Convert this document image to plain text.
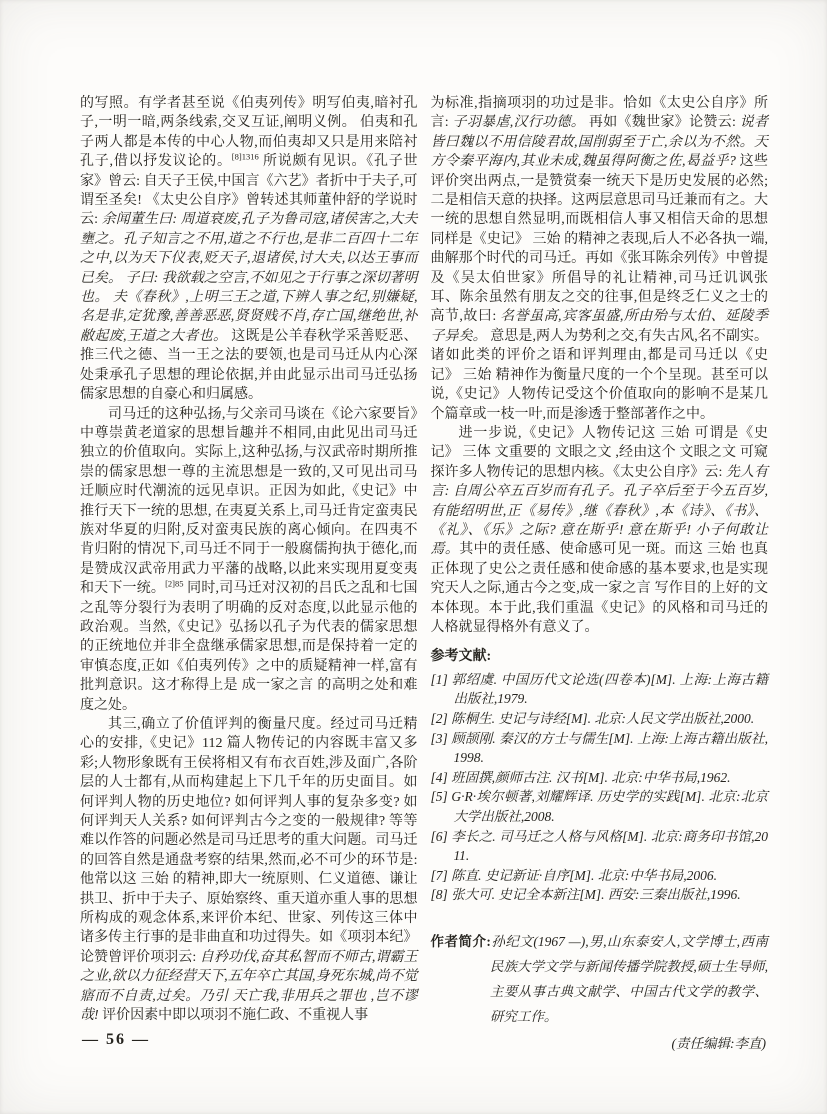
的写照。有学者甚至说《伯夷列传》明写伯夷,暗衬孔子,一明一暗,两条线索,交叉互证,阐明义例。 伯夷和孔子两人都是本传的中心人物,而伯夷却又只是用来陪衬孔子,借以抒发议论的。$^{[8]1316}$ 所说颇有见识。《孔子世家》曾云: 自天子王侯,中国言《六艺》者折中于夫子,可谓至圣矣! 《太史公自序》曾转述其师董仲舒的学说时云: 余闻董生曰: 周道衰废,孔子为鲁司寇,诸侯害之,大夫壅之。孔子知言之不用,道之不行也,是非二百四十二年之中,以为天下仪表,贬天子,退诸侯,讨大夫,以达王事而已矣。 子曰: 我欲载之空言,不如见之于行事之深切著明也。 夫《春秋》,上明三王之道,下辨人事之纪,别嫌疑,名是非,定犹豫,善善恶恶,贤贤贱不肖,存亡国,继绝世,补敝起废,王道之大者也。 这既是公羊春秋学采善贬恶、推三代之德、当一王之法的要领,也是司马迁从内心深处秉承孔子思想的理论依据,并由此显示出司马迁弘扬儒家思想的自豪心和归属感。

司马迁的这种弘扬,与父亲司马谈在《论六家要旨》中尊崇黄老道家的思想旨趣并不相同,由此见出司马迁独立的价值取向。实际上,这种弘扬,与汉武帝时期所推崇的儒家思想一尊的主流思想是一致的,又可见出司马迁顺应时代潮流的远见卓识。正因为如此,《史记》中推行天下一统的思想, 在夷夏关系上,司马迁肯定蛮夷民族对华夏的归附,反对蛮夷民族的离心倾向。在四夷不肯归附的情况下,司马迁不同于一般腐儒拘执于德化,而是赞成汉武帝用武力平藩的战略,以此来实现用夏变夷和天下一统。$^{[2]85}$ 同时,司马迁对汉初的吕氏之乱和七国之乱等分裂行为表明了明确的反对态度,以此显示他的政治观。当然,《史记》弘扬以孔子为代表的儒家思想的正统地位并非全盘继承儒家思想,而是保持着一定的审慎态度,正如《伯夷列传》之中的质疑精神一样,富有批判意识。这才称得上是 成一家之言 的高明之处和难度之处。

其三,确立了价值评判的衡量尺度。经过司马迁精心的安排,《史记》112 篇人物传记的内容既丰富又多彩;人物形象既有王侯将相又有布衣百姓,涉及面广,各阶层的人士都有,从而构建起上下几千年的历史面目。如何评判人物的历史地位? 如何评判人事的复杂多变? 如何评判天人关系? 如何评判古今之变的一般规律? 等等难以作答的问题必然是司马迁思考的重大问题。司马迁的回答自然是通盘考察的结果,然而,必不可少的环节是:他常以这 三始 的精神,即大一统原则、仁义道德、谦让拱卫、折中于夫子、原始察终、重天道亦重人事的思想所构成的观念体系,来评价本纪、世家、列传这三体中诸多传主行事的是非曲直和功过得失。如《项羽本纪》论赞曾评价项羽云: 自矜功伐,奋其私智而不师古,谓霸王之业,欲以力征经营天下,五年卒亡其国,身死东城,尚不觉寤而不自责,过矣。乃引 天亡我,非用兵之罪也 ,岂不谬哉! 评价因素中即以项羽不施仁政、不重视人事

为标准,指摘项羽的功过是非。恰如《太史公自序》所言: 子羽暴虐,汉行功德。 再如《魏世家》论赞云: 说者皆曰魏以不用信陵君故,国削弱至于亡,余以为不然。天方令秦平海内,其业未成,魏虽得阿衡之佐,曷益乎? 这些评价突出两点,一是赞赏秦一统天下是历史发展的必然;二是相信天意的抉择。这两层意思司马迁兼而有之。大一统的思想自然显明,而既相信人事又相信天命的思想同样是《史记》 三始 的精神之表现,后人不必各执一端,曲解那个时代的司马迁。再如《张耳陈余列传》中曾提及《吴太伯世家》所倡导的礼让精神,司马迁讥讽张耳、陈余虽然有朋友之交的往事,但是终乏仁义之士的高节,故曰: 名誉虽高,宾客虽盛,所由殆与太伯、延陵季子异矣。 意思是,两人为势利之交,有失古风,名不副实。诸如此类的评价之语和评判理由,都是司马迁以《史记》 三始 精神作为衡量尺度的一个个呈现。甚至可以说,《史记》人物传记受这个价值取向的影响不是某几个篇章或一枝一叶,而是渗透于整部著作之中。

进一步说,《史记》人物传记这 三始 可谓是《史记》 三体 文重要的 文眼之文 ,经由这个 文眼之文 可窥探许多人物传记的思想内核。《太史公自序》云: 先人有言: 自周公卒五百岁而有孔子。孔子卒后至于今五百岁,有能绍明世,正《易传》,继《春秋》,本《诗》、《书》、《礼》、《乐》之际? 意在斯乎! 意在斯乎! 小子何敢让焉。其中的责任感、使命感可见一斑。而这 三始 也真正体现了史公之责任感和使命感的基本要求,也是实现 究天人之际,通古今之变,成一家之言 写作目的上好的文本体现。本于此,我们重温《史记》的风格和司马迁的人格就显得格外有意义了。

参考文献:

[1] 郭绍虞. 中国历代文论选(四卷本)[M]. 上海:上海古籍出版社,1979.

[2] 陈桐生. 史记与诗经[M]. 北京:人民文学出版社,2000.

[3] 顾颉刚. 秦汉的方士与儒生[M]. 上海:上海古籍出版社,1998.

[4] 班固撰,颜师古注. 汉书[M]. 北京:中华书局,1962.

[5] G·R·埃尔顿著,刘耀辉译. 历史学的实践[M]. 北京:北京大学出版社,2008.

[6] 李长之. 司马迁之人格与风格[M]. 北京:商务印书馆,2011.

[7] 陈直. 史记新证·自序[M]. 北京:中华书局,2006.

[8] 张大可. 史记全本新注[M]. 西安:三秦出版社,1996.

作者简介:孙纪文(1967 —),男,山东泰安人,文学博士,西南民族大学文学与新闻传播学院教授,硕士生导师,主要从事古典文献学、中国古代文学的教学、研究工作。

(责任编辑:李直)

— 56 —
